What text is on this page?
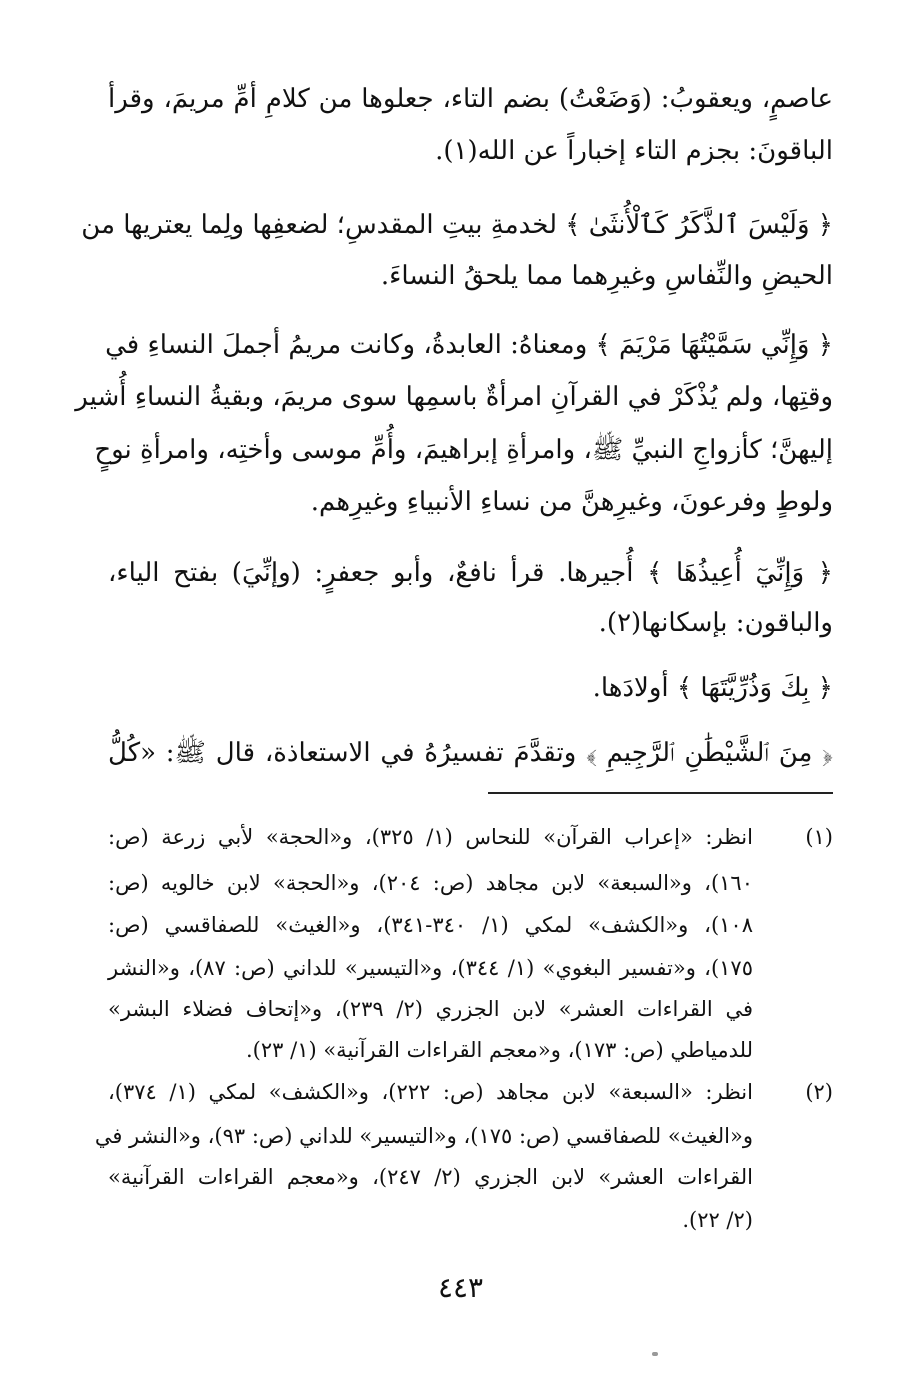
عاصمٍ، ويعقوبُ: (وَضَعْتُ) بضم التاء، جعلوها من كلامِ أمِّ مريمَ، وقرأ
الباقونَ: بجزم التاء إخباراً عن الله(١).
﴿ وَلَيْسَ ٱلذَّكَرُ كَٱلْأُنثَىٰ ﴾ لخدمةِ بيتِ المقدسِ؛ لضعفِها ولِما يعتريها من
الحيضِ والنِّفاسِ وغيرِهما مما يلحقُ النساءَ.
﴿ وَإِنِّي سَمَّيْتُهَا مَرْيَمَ ﴾ ومعناهُ: العابدةُ، وكانت مريمُ أجملَ النساءِ في
وقتِها، ولم يُذْكَرْ في القرآنِ امرأةٌ باسمِها سوى مريمَ، وبقيةُ النساءِ أُشير
إليهنَّ؛ كأزواجِ النبيِّ ﷺ، وامرأةِ إبراهيمَ، وأُمِّ موسى وأختِه، وامرأةِ نوحٍ
ولوطٍ وفرعونَ، وغيرِهنَّ من نساءِ الأنبياءِ وغيرِهم.
﴿ وَإِنِّيٓ أُعِيذُهَا ﴾ أُجيرها. قرأ نافعٌ، وأبو جعفرٍ: (وإنِّيَ) بفتح الياء،
والباقون: بإسكانها(٢).
﴿ بِكَ وَذُرِّيَّتَهَا ﴾ أولادَها.
﴿ مِنَ ٱلشَّيْطَٰنِ ٱلرَّجِيمِ ﴾ وتقدَّمَ تفسيرُهُ في الاستعاذة، قال ﷺ: «كُلُّ
(١)
انظر: «إعراب القرآن» للنحاس (١/ ٣٢٥)، و«الحجة» لأبي زرعة (ص:
١٦٠)، و«السبعة» لابن مجاهد (ص: ٢٠٤)، و«الحجة» لابن خالويه (ص:
١٠٨)، و«الكشف» لمكي (١/ ٣٤٠-٣٤١)، و«الغيث» للصفاقسي (ص:
١٧٥)، و«تفسير البغوي» (١/ ٣٤٤)، و«التيسير» للداني (ص: ٨٧)، و«النشر
في القراءات العشر» لابن الجزري (٢/ ٢٣٩)، و«إتحاف فضلاء البشر»
للدمياطي (ص: ١٧٣)، و«معجم القراءات القرآنية» (١/ ٢٣).
(٢)
انظر: «السبعة» لابن مجاهد (ص: ٢٢٢)، و«الكشف» لمكي (١/ ٣٧٤)،
و«الغيث» للصفاقسي (ص: ١٧٥)، و«التيسير» للداني (ص: ٩٣)، و«النشر في
القراءات العشر» لابن الجزري (٢/ ٢٤٧)، و«معجم القراءات القرآنية»
(٢/ ٢٢).
٤٤٣
